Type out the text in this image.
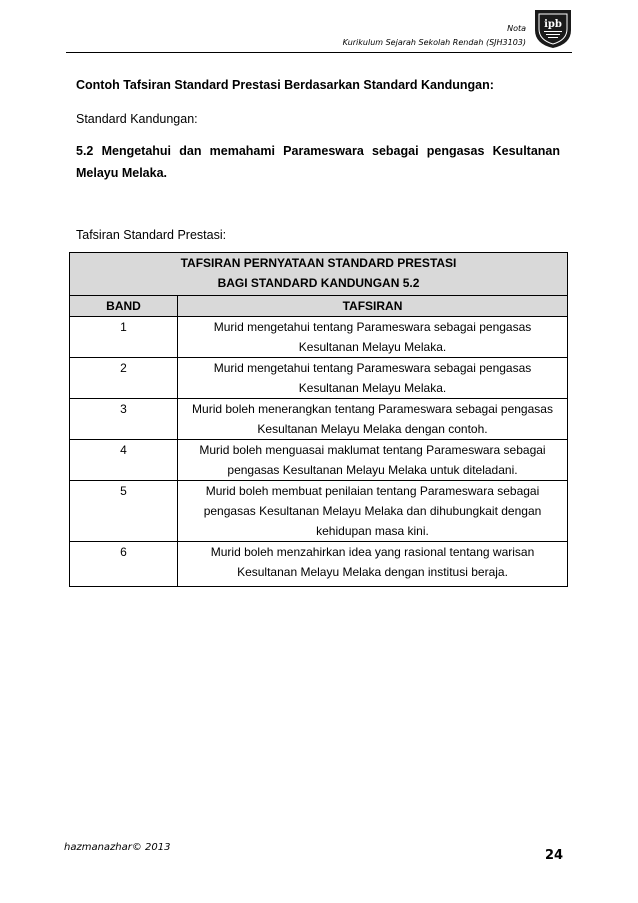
Nota
Kurikulum Sejarah Sekolah Rendah (SJH3103)
ipb
Contoh Tafsiran Standard Prestasi Berdasarkan Standard Kandungan:
Standard Kandungan:
5.2 Mengetahui dan memahami Parameswara sebagai pengasas Kesultanan Melayu Melaka.
Tafsiran Standard Prestasi:
TAFSIRAN PERNYATAAN STANDARD PRESTASI
BAGI STANDARD KANDUNGAN 5.2	

BAND	TAFSIRAN
1	Murid mengetahui tentang Parameswara sebagai pengasas Kesultanan Melayu Melaka.
2	Murid mengetahui tentang Parameswara sebagai pengasas Kesultanan Melayu Melaka.
3	Murid boleh menerangkan tentang Parameswara sebagai pengasas Kesultanan Melayu Melaka dengan contoh.
4	Murid boleh menguasai maklumat tentang Parameswara sebagai pengasas Kesultanan Melayu Melaka untuk diteladani.
5	Murid boleh membuat penilaian tentang Parameswara sebagai pengasas Kesultanan Melayu Melaka dan dihubungkait dengan kehidupan masa kini.
6	Murid boleh menzahirkan idea yang rasional tentang warisan Kesultanan Melayu Melaka dengan institusi beraja.
hazmanazhar© 2013
24
